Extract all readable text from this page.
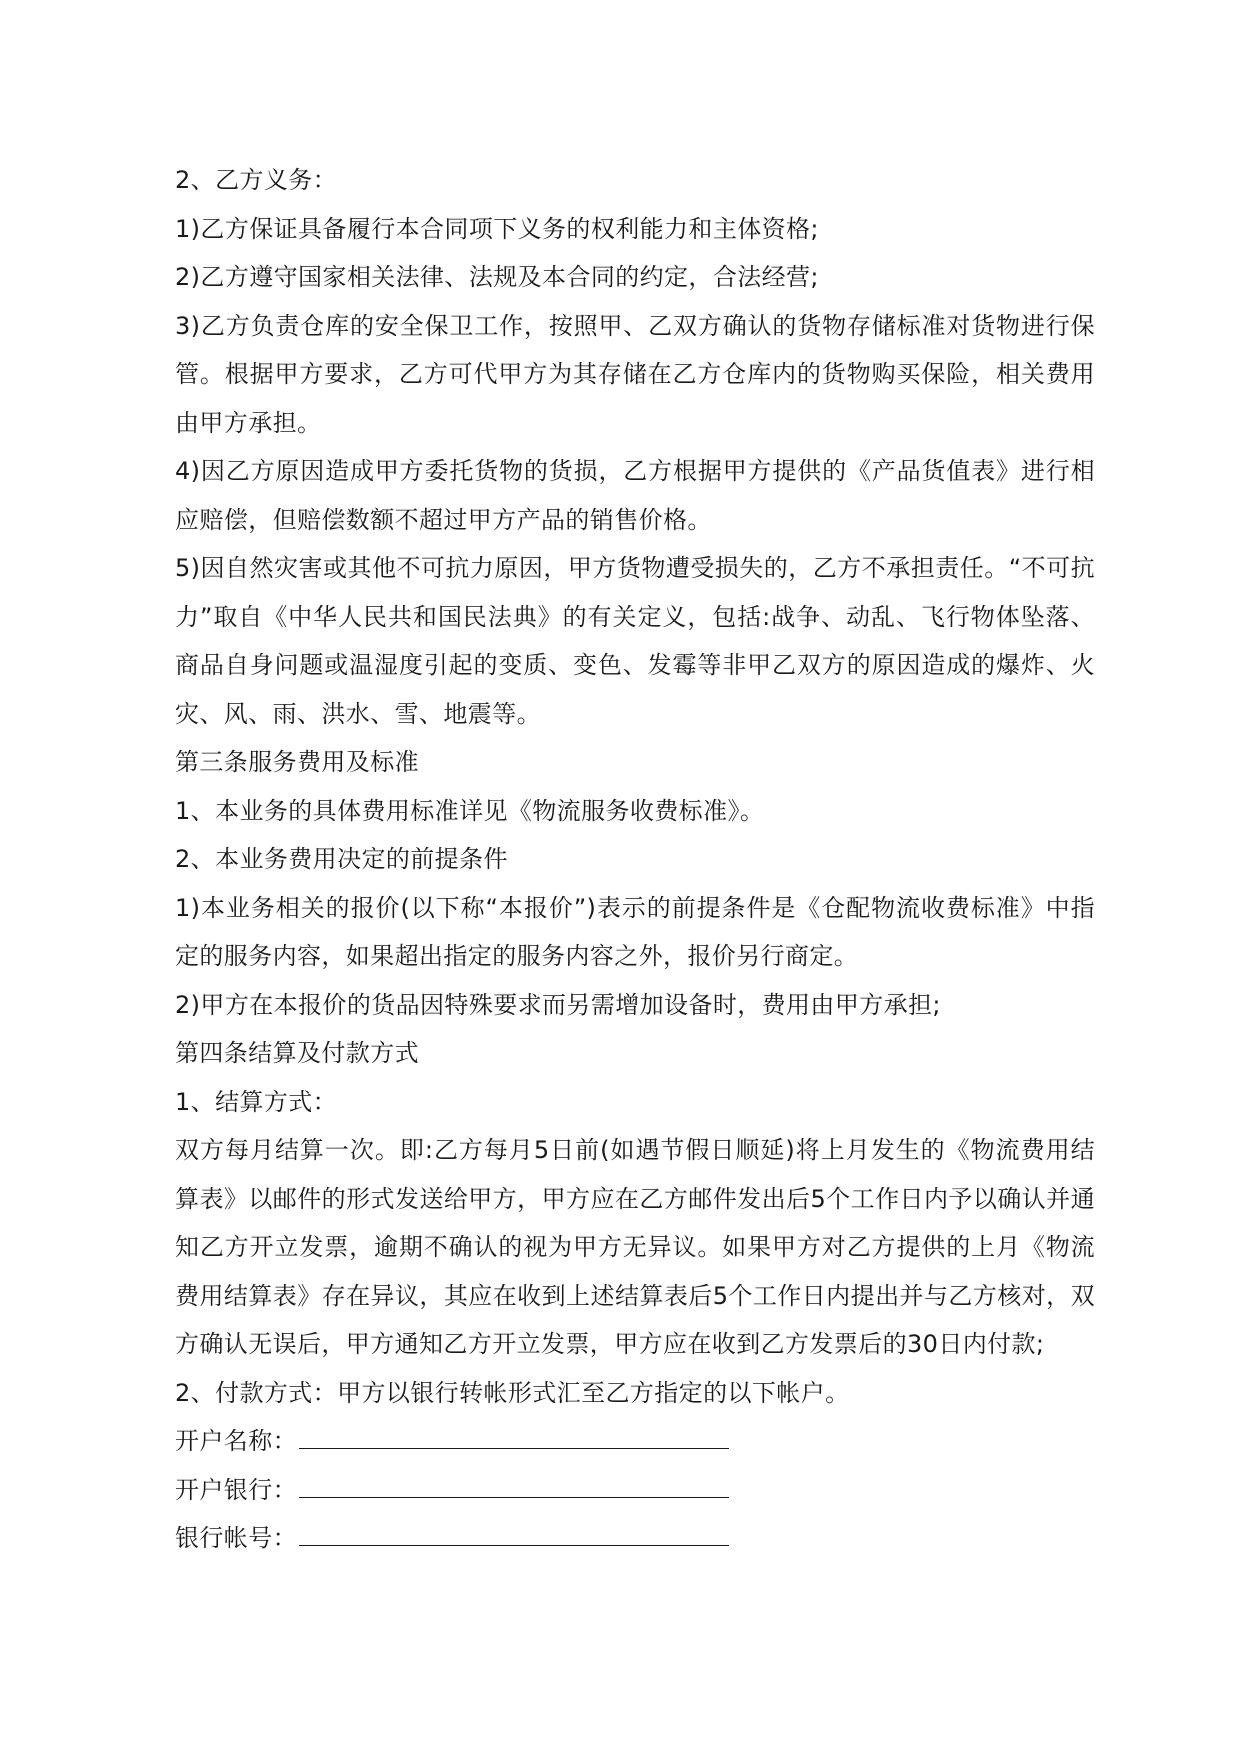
2、乙方义务：

1)乙方保证具备履行本合同项下义务的权利能力和主体资格;

2)乙方遵守国家相关法律、法规及本合同的约定，合法经营;

3)乙方负责仓库的安全保卫工作，按照甲、乙双方确认的货物存储标准对货物进行保管。根据甲方要求，乙方可代甲方为其存储在乙方仓库内的货物购买保险，相关费用由甲方承担。

4)因乙方原因造成甲方委托货物的货损，乙方根据甲方提供的《产品货值表》进行相应赔偿，但赔偿数额不超过甲方产品的销售价格。

5)因自然灾害或其他不可抗力原因，甲方货物遭受损失的，乙方不承担责任。“不可抗力”取自《中华人民共和国民法典》的有关定义，包括:战争、动乱、飞行物体坠落、商品自身问题或温湿度引起的变质、变色、发霉等非甲乙双方的原因造成的爆炸、火灾、风、雨、洪水、雪、地震等。

第三条服务费用及标准

1、本业务的具体费用标准详见《物流服务收费标准》。

2、本业务费用决定的前提条件

1)本业务相关的报价(以下称“本报价”)表示的前提条件是《仓配物流收费标准》中指定的服务内容，如果超出指定的服务内容之外，报价另行商定。

2)甲方在本报价的货品因特殊要求而另需增加设备时，费用由甲方承担;

第四条结算及付款方式

1、结算方式：

双方每月结算一次。即:乙方每月5日前(如遇节假日顺延)将上月发生的《物流费用结算表》以邮件的形式发送给甲方，甲方应在乙方邮件发出后5个工作日内予以确认并通知乙方开立发票，逾期不确认的视为甲方无异议。如果甲方对乙方提供的上月《物流费用结算表》存在异议，其应在收到上述结算表后5个工作日内提出并与乙方核对，双方确认无误后，甲方通知乙方开立发票，甲方应在收到乙方发票后的30日内付款;

2、付款方式：甲方以银行转帐形式汇至乙方指定的以下帐户。

开户名称：

开户银行：

银行帐号：
